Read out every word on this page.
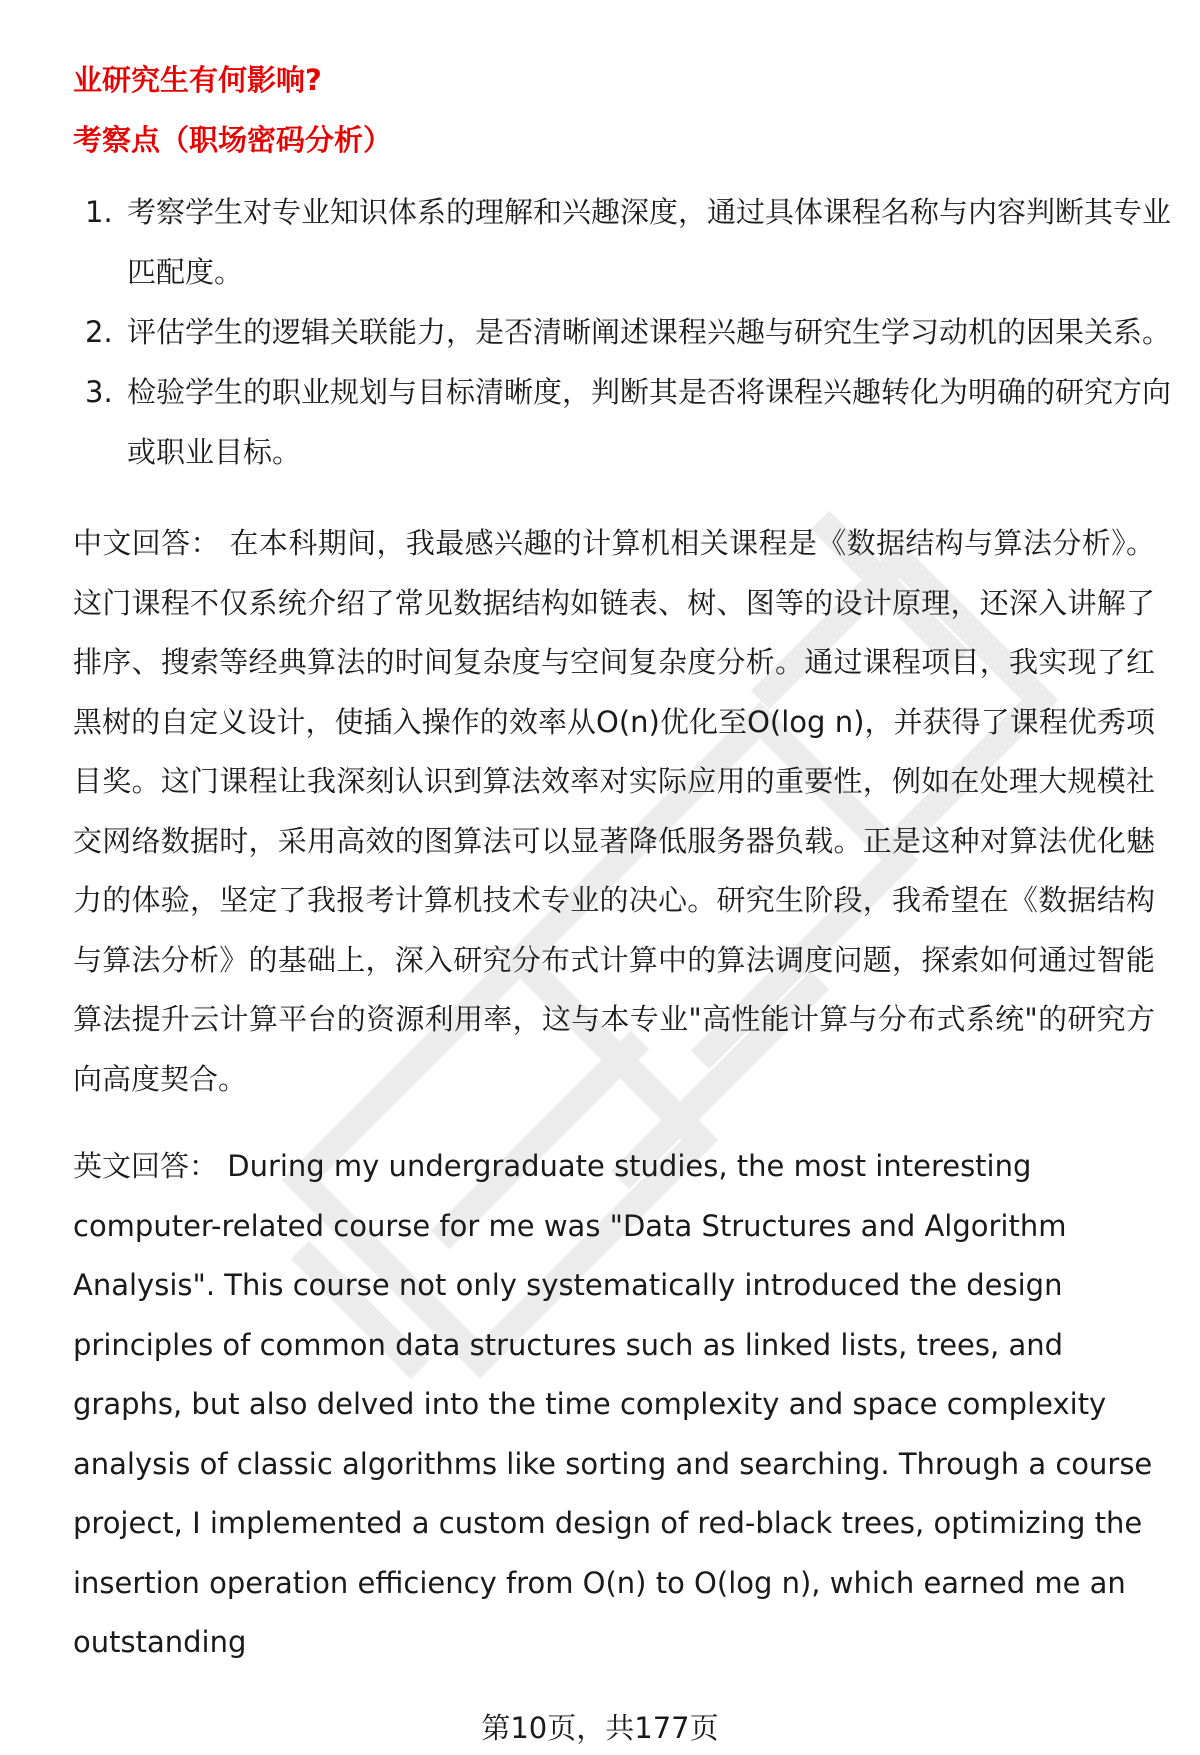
业研究生有何影响?

考察点（职场密码分析）

1. 考察学生对专业知识体系的理解和兴趣深度，通过具体课程名称与内容判断其专业匹配度。
2. 评估学生的逻辑关联能力，是否清晰阐述课程兴趣与研究生学习动机的因果关系。
3. 检验学生的职业规划与目标清晰度，判断其是否将课程兴趣转化为明确的研究方向或职业目标。

中文回答： 在本科期间，我最感兴趣的计算机相关课程是《数据结构与算法分析》。这门课程不仅系统介绍了常见数据结构如链表、树、图等的设计原理，还深入讲解了排序、搜索等经典算法的时间复杂度与空间复杂度分析。通过课程项目，我实现了红黑树的自定义设计，使插入操作的效率从O(n)优化至O(log n)，并获得了课程优秀项目奖。这门课程让我深刻认识到算法效率对实际应用的重要性，例如在处理大规模社交网络数据时，采用高效的图算法可以显著降低服务器负载。正是这种对算法优化魅力的体验，坚定了我报考计算机技术专业的决心。研究生阶段，我希望在《数据结构与算法分析》的基础上，深入研究分布式计算中的算法调度问题，探索如何通过智能算法提升云计算平台的资源利用率，这与本专业"高性能计算与分布式系统"的研究方向高度契合。

英文回答： During my undergraduate studies, the most interesting computer-related course for me was "Data Structures and Algorithm Analysis". This course not only systematically introduced the design principles of common data structures such as linked lists, trees, and graphs, but also delved into the time complexity and space complexity analysis of classic algorithms like sorting and searching. Through a course project, I implemented a custom design of red-black trees, optimizing the insertion operation efficiency from O(n) to O(log n), which earned me an outstanding

第10页，共177页
